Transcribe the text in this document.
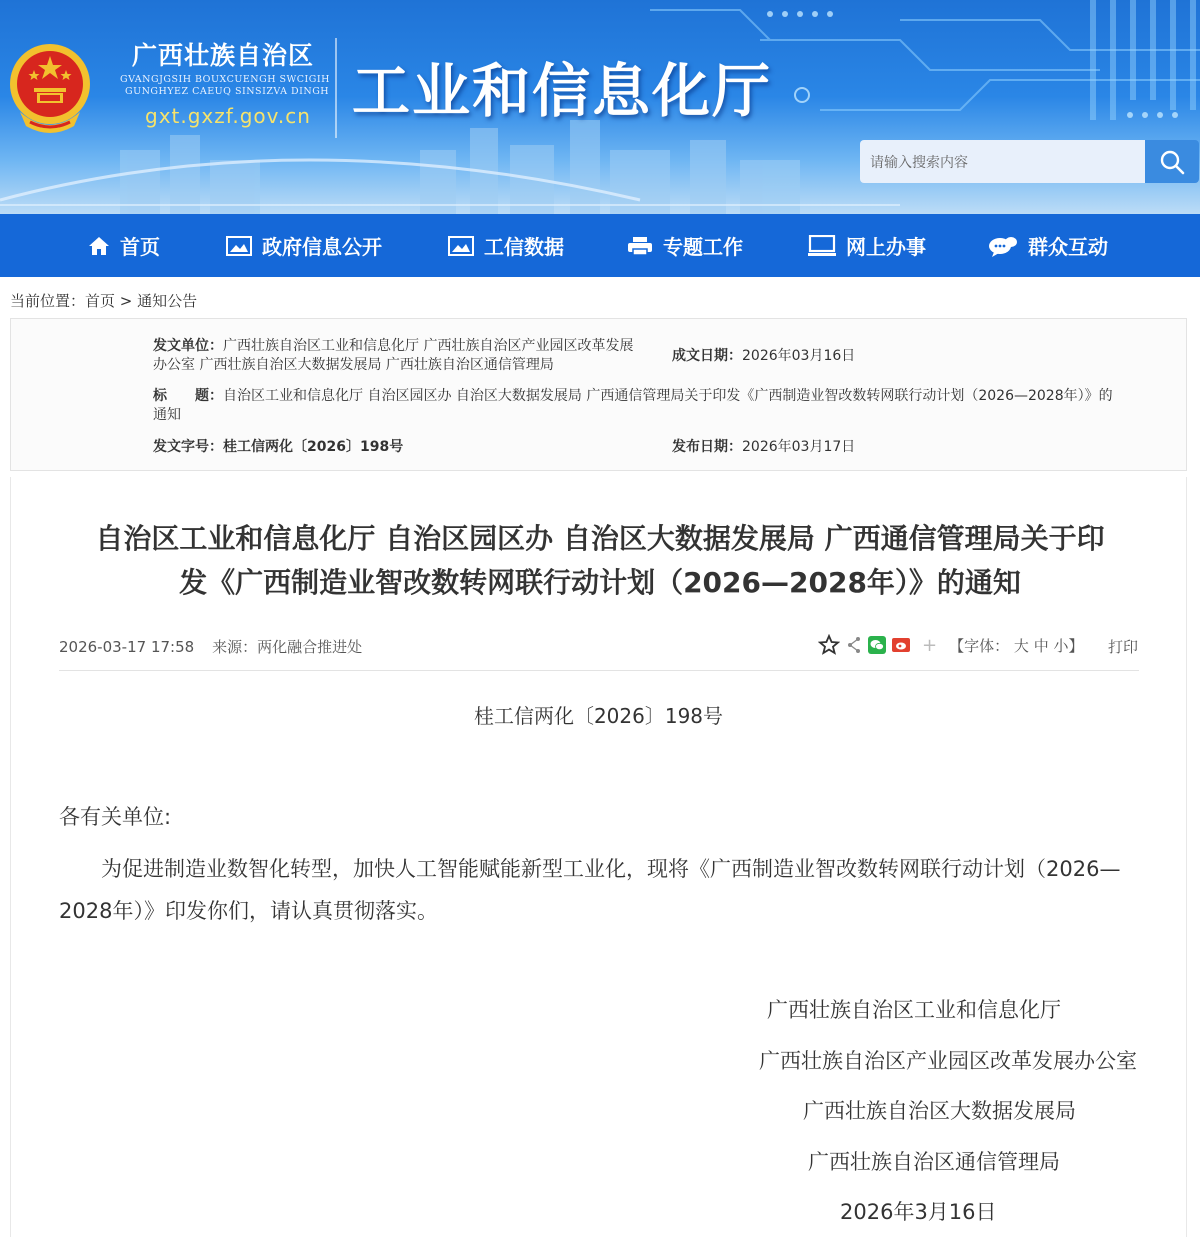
广西壮族自治区
GVANGJGSIH BOUXCUENGH SWCIGIH
GUNGHYEZ CAEUQ SINSIZVA DINGH
gxt.gxzf.gov.cn 工业和信息化厅
请输入搜索内容
首页	政府信息公开	工信数据	专题工作	网上办事	群众互动
当前位置：首页 > 通知公告
发文单位：广西壮族自治区工业和信息化厅 广西壮族自治区产业园区改革发展
办公室 广西壮族自治区大数据发展局 广西壮族自治区通信管理局
成文日期：2026年03月16日
标　　题：自治区工业和信息化厅 自治区园区办 自治区大数据发展局 广西通信管理局关于印发《广西制造业智改数转网联行动计划（2026—2028年）》的
通知
发文字号：桂工信两化〔2026〕198号	发布日期：2026年03月17日
自治区工业和信息化厅 自治区园区办 自治区大数据发展局 广西通信管理局关于印
发《广西制造业智改数转网联行动计划（2026—2028年）》的通知
2026-03-17 17:58 来源：两化融合推进处	+ 【字体： 大 中 小】 打印
桂工信两化〔2026〕198号
各有关单位:
为促进制造业数智化转型，加快人工智能赋能新型工业化，现将《广西制造业智改数转网联行动计划（2026—2028年）》印发你们，请认真贯彻落实。
广西壮族自治区工业和信息化厅
广西壮族自治区产业园区改革发展办公室
广西壮族自治区大数据发展局
广西壮族自治区通信管理局
2026年3月16日
